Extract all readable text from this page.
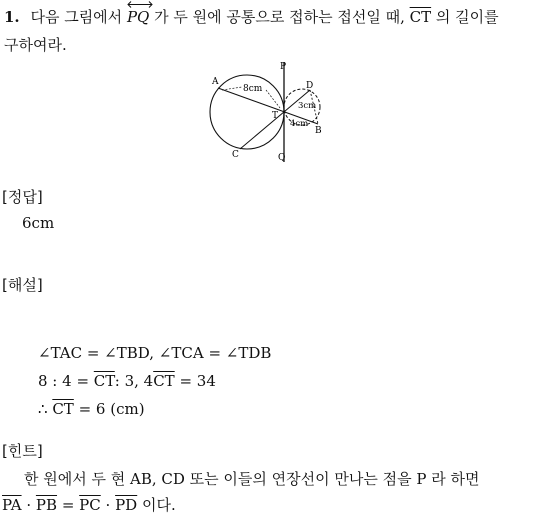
1. 다음 그림에서 PQ 가 두 원에 공통으로 접하는 접선일 때, $\overline{CT}$ 의 길이를
구하여라.
P
Q
A
C
D
B
T
8cm
3cm
4cm
[정답]
6cm
[해설]
∠TAC = ∠TBD, ∠TCA = ∠TDB
8 : $4 = \overline{CT}$: 3, $4\overline{CT} = 34$
∴ $\overline{CT} = 6$ (cm)
[힌트]
한 원에서 두 현 AB, CD 또는 이들의 연장선이 만나는 점을 P 라 하면
$\overline{PA} \cdot \overline{PB} = \overline{PC} \cdot \overline{PD}$ 이다.
